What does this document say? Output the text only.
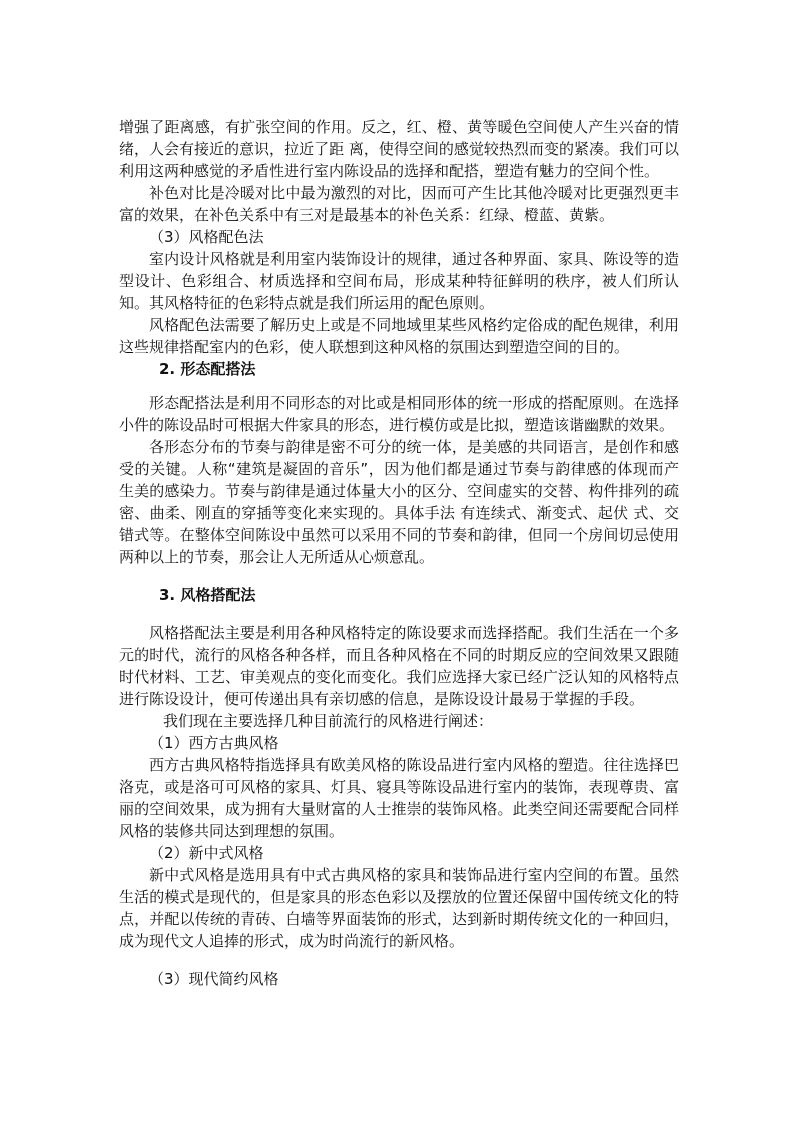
增强了距离感，有扩张空间的作用。反之，红、橙、黄等暖色空间使人产生兴奋的情绪，人会有接近的意识，拉近了距 离，使得空间的感觉较热烈而变的紧凑。我们可以利用这两种感觉的矛盾性进行室内陈设品的选择和配搭，塑造有魅力的空间个性。

补色对比是冷暖对比中最为激烈的对比，因而可产生比其他冷暖对比更强烈更丰富的效果，在补色关系中有三对是最基本的补色关系：红绿、橙蓝、黄紫。

（3）风格配色法

室内设计风格就是利用室内装饰设计的规律，通过各种界面、家具、陈设等的造型设计、色彩组合、材质选择和空间布局，形成某种特征鲜明的秩序，被人们所认知。其风格特征的色彩特点就是我们所运用的配色原则。

风格配色法需要了解历史上或是不同地域里某些风格约定俗成的配色规律，利用这些规律搭配室内的色彩，使人联想到这种风格的氛围达到塑造空间的目的。

2. 形态配搭法

形态配搭法是利用不同形态的对比或是相同形体的统一形成的搭配原则。在选择小件的陈设品时可根据大件家具的形态，进行模仿或是比拟，塑造该谐幽默的效果。

各形态分布的节奏与韵律是密不可分的统一体，是美感的共同语言，是创作和感受的关键。人称“建筑是凝固的音乐”，因为他们都是通过节奏与韵律感的体现而产 生美的感染力。节奏与韵律是通过体量大小的区分、空间虚实的交替、构件排列的疏密、曲柔、刚直的穿插等变化来实现的。具体手法 有连续式、渐变式、起伏 式、交错式等。在整体空间陈设中虽然可以采用不同的节奏和韵律，但同一个房间切忌使用两种以上的节奏，那会让人无所适从心烦意乱。

3. 风格搭配法

风格搭配法主要是利用各种风格特定的陈设要求而选择搭配。我们生活在一个多元的时代，流行的风格各种各样，而且各种风格在不同的时期反应的空间效果又跟随 时代材料、工艺、审美观点的变化而变化。我们应选择大家已经广泛认知的风格特点进行陈设设计，便可传递出具有亲切感的信息，是陈设设计最易于掌握的手段。

我们现在主要选择几种目前流行的风格进行阐述：

（1）西方古典风格

西方古典风格特指选择具有欧美风格的陈设品进行室内风格的塑造。往往选择巴洛克，或是洛可可风格的家具、灯具、寝具等陈设品进行室内的装饰，表现尊贵、富丽的空间效果，成为拥有大量财富的人士推崇的装饰风格。此类空间还需要配合同样风格的装修共同达到理想的氛围。

（2）新中式风格

新中式风格是选用具有中式古典风格的家具和装饰品进行室内空间的布置。虽然生活的模式是现代的，但是家具的形态色彩以及摆放的位置还保留中国传统文化的特 点，并配以传统的青砖、白墙等界面装饰的形式，达到新时期传统文化的一种回归，成为现代文人追捧的形式，成为时尚流行的新风格。

（3）现代简约风格
